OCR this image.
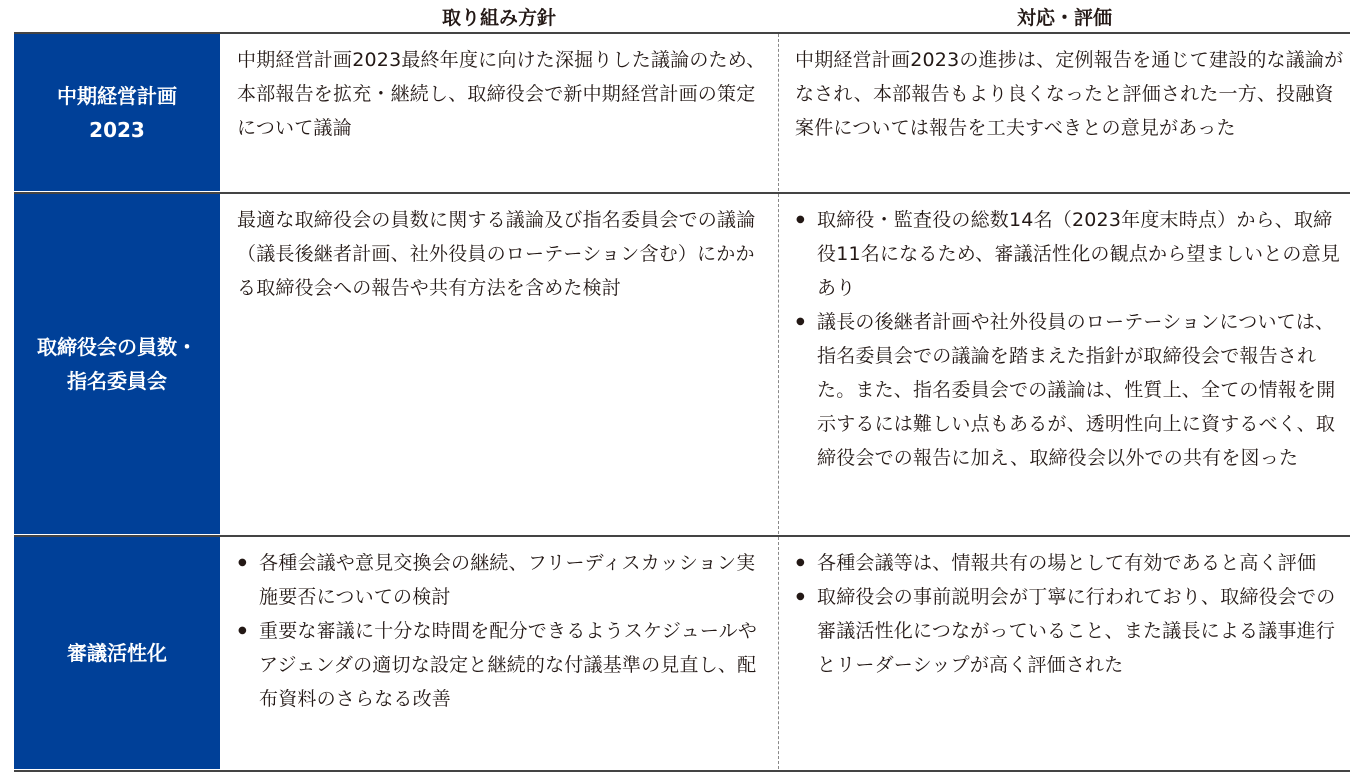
取り組み方針	対応・評価
中期経営計画
2023

中期経営計画2023最終年度に向けた深掘りした議論のため、本部報告を拡充・継続し、取締役会で新中期経営計画の策定について議論

中期経営計画2023の進捗は、定例報告を通じて建設的な議論がなされ、本部報告もより良くなったと評価された一方、投融資案件については報告を工夫すべきとの意見があった

取締役会の員数・
指名委員会

最適な取締役会の員数に関する議論及び指名委員会での議論（議長後継者計画、社外役員のローテーション含む）にかかる取締役会への報告や共有方法を含めた検討

● 取締役・監査役の総数14名（2023年度末時点）から、取締役11名になるため、審議活性化の観点から望ましいとの意見あり
● 議長の後継者計画や社外役員のローテーションについては、指名委員会での議論を踏まえた指針が取締役会で報告された。また、指名委員会での議論は、性質上、全ての情報を開示するには難しい点もあるが、透明性向上に資するべく、取締役会での報告に加え、取締役会以外での共有を図った
審議活性化
● 各種会議や意見交換会の継続、フリーディスカッション実施要否についての検討
● 重要な審議に十分な時間を配分できるようスケジュールやアジェンダの適切な設定と継続的な付議基準の見直し、配布資料のさらなる改善
● 各種会議等は、情報共有の場として有効であると高く評価
● 取締役会の事前説明会が丁寧に行われており、取締役会での審議活性化につながっていること、また議長による議事進行とリーダーシップが高く評価された
